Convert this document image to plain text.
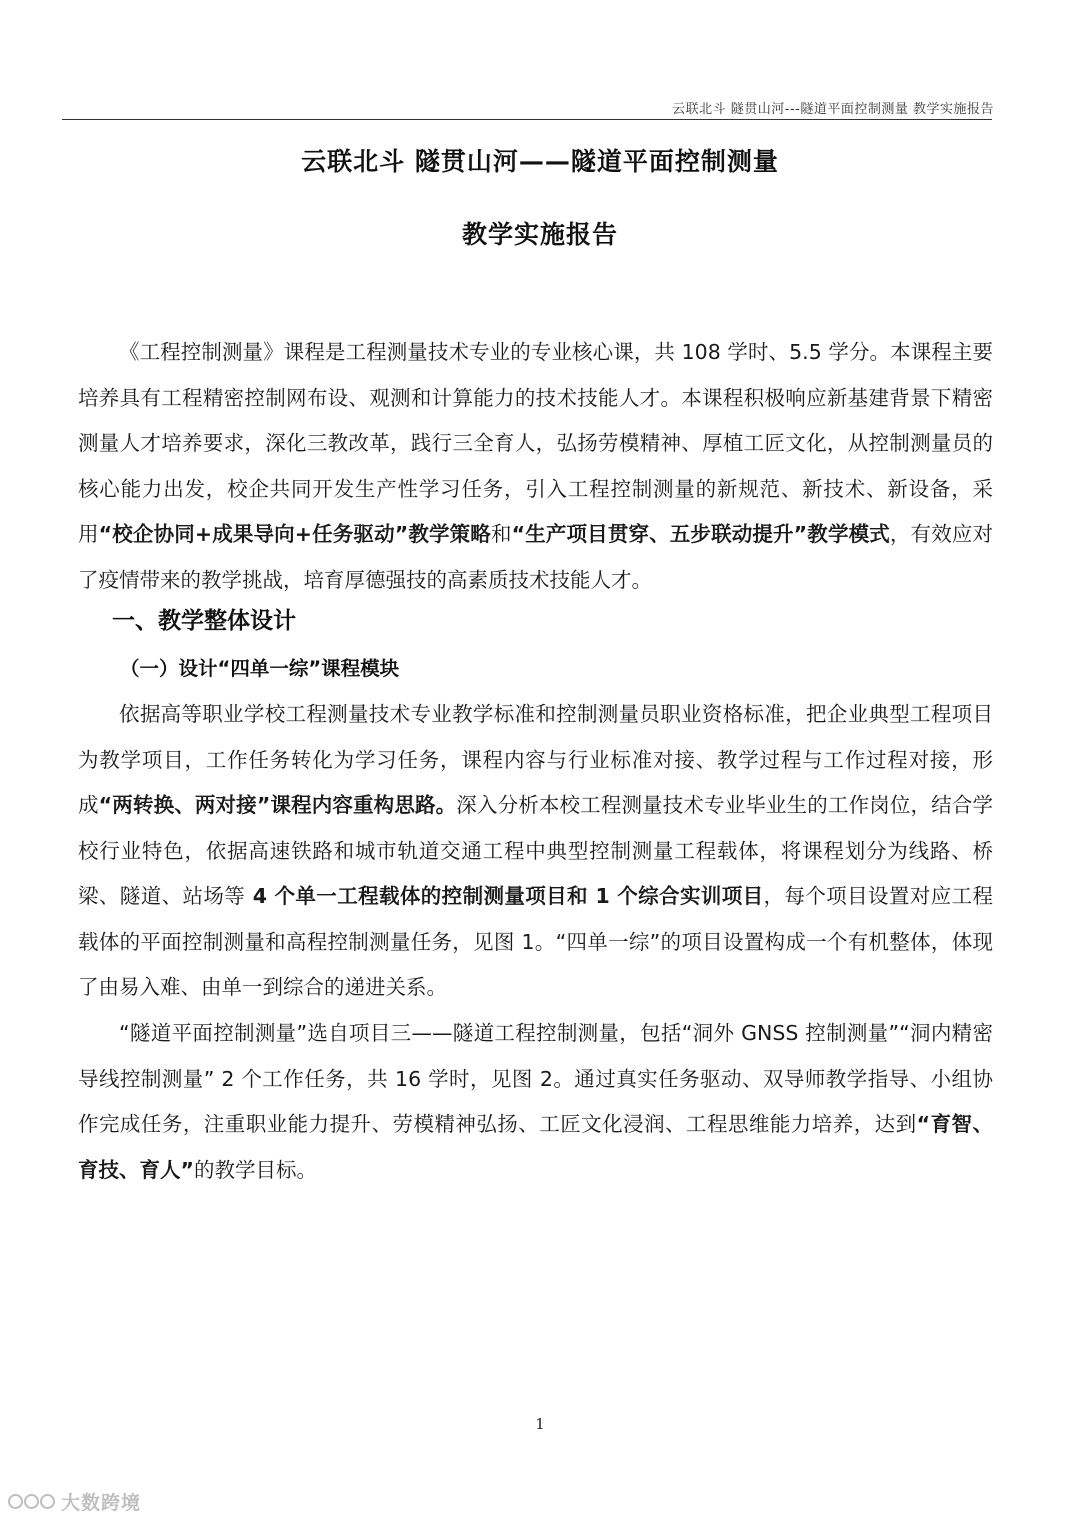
云联北斗 隧贯山河---隧道平面控制测量 教学实施报告
云联北斗 隧贯山河——隧道平面控制测量
教学实施报告

《工程控制测量》课程是工程测量技术专业的专业核心课，共 108 学时、5.5 学分。本课程主要培养具有工程精密控制网布设、观测和计算能力的技术技能人才。本课程积极响应新基建背景下精密测量人才培养要求，深化三教改革，践行三全育人，弘扬劳模精神、厚植工匠文化，从控制测量员的核心能力出发，校企共同开发生产性学习任务，引入工程控制测量的新规范、新技术、新设备，采用“校企协同+成果导向+任务驱动”教学策略和“生产项目贯穿、五步联动提升”教学模式，有效应对了疫情带来的教学挑战，培育厚德强技的高素质技术技能人才。

一、教学整体设计
（一）设计“四单一综”课程模块

依据高等职业学校工程测量技术专业教学标准和控制测量员职业资格标准，把企业典型工程项目为教学项目，工作任务转化为学习任务，课程内容与行业标准对接、教学过程与工作过程对接，形成“两转换、两对接”课程内容重构思路。深入分析本校工程测量技术专业毕业生的工作岗位，结合学校行业特色，依据高速铁路和城市轨道交通工程中典型控制测量工程载体，将课程划分为线路、桥梁、隧道、站场等 4 个单一工程载体的控制测量项目和 1 个综合实训项目，每个项目设置对应工程载体的平面控制测量和高程控制测量任务，见图 1。“四单一综”的项目设置构成一个有机整体，体现了由易入难、由单一到综合的递进关系。

“隧道平面控制测量”选自项目三——隧道工程控制测量，包括“洞外 GNSS 控制测量”“洞内精密导线控制测量” 2 个工作任务，共 16 学时，见图 2。通过真实任务驱动、双导师教学指导、小组协作完成任务，注重职业能力提升、劳模精神弘扬、工匠文化浸润、工程思维能力培养，达到“育智、育技、育人”的教学目标。

1
大数跨境
